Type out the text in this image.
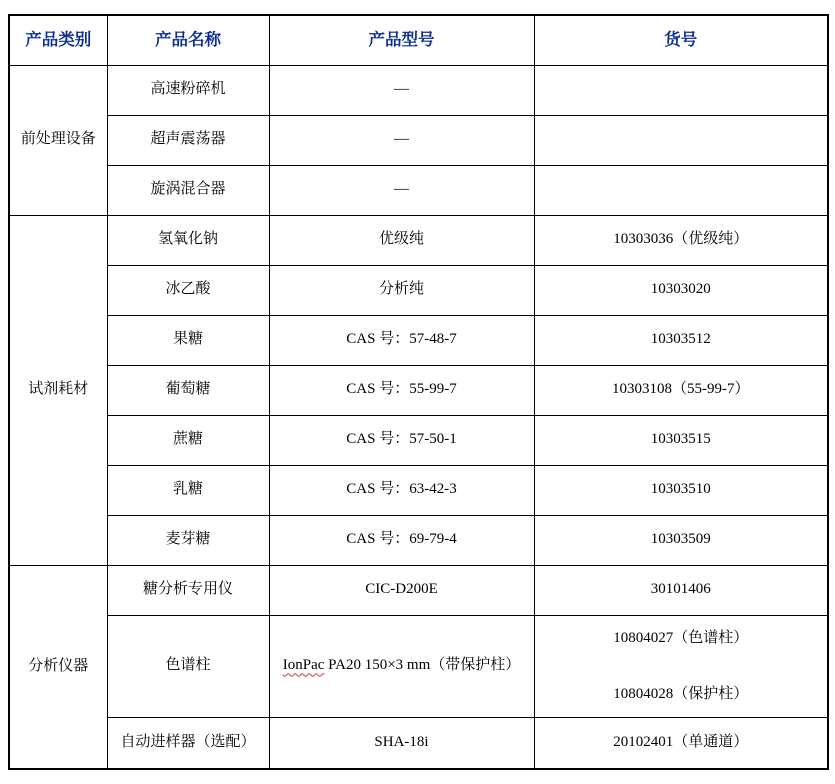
产品类别	产品名称	产品型号	货号
前处理设备	高速粉碎机	—	
	超声震荡器	—	
	旋涡混合器	—	
试剂耗材	氢氧化钠	优级纯	10303036（优级纯）
	冰乙酸	分析纯	10303020
	果糖	CAS 号：57-48-7	10303512
	葡萄糖	CAS 号：55-99-7	10303108（55-99-7）
	蔗糖	CAS 号：57-50-1	10303515
	乳糖	CAS 号：63-42-3	10303510
	麦芽糖	CAS 号：69-79-4	10303509
分析仪器	糖分析专用仪	CIC-D200E	30101406
	色谱柱	IonPac PA20 150×3 mm（带保护柱）	10804027（色谱柱）
10804028（保护柱）

	自动进样器（选配）	SHA-18i	20102401（单通道）
